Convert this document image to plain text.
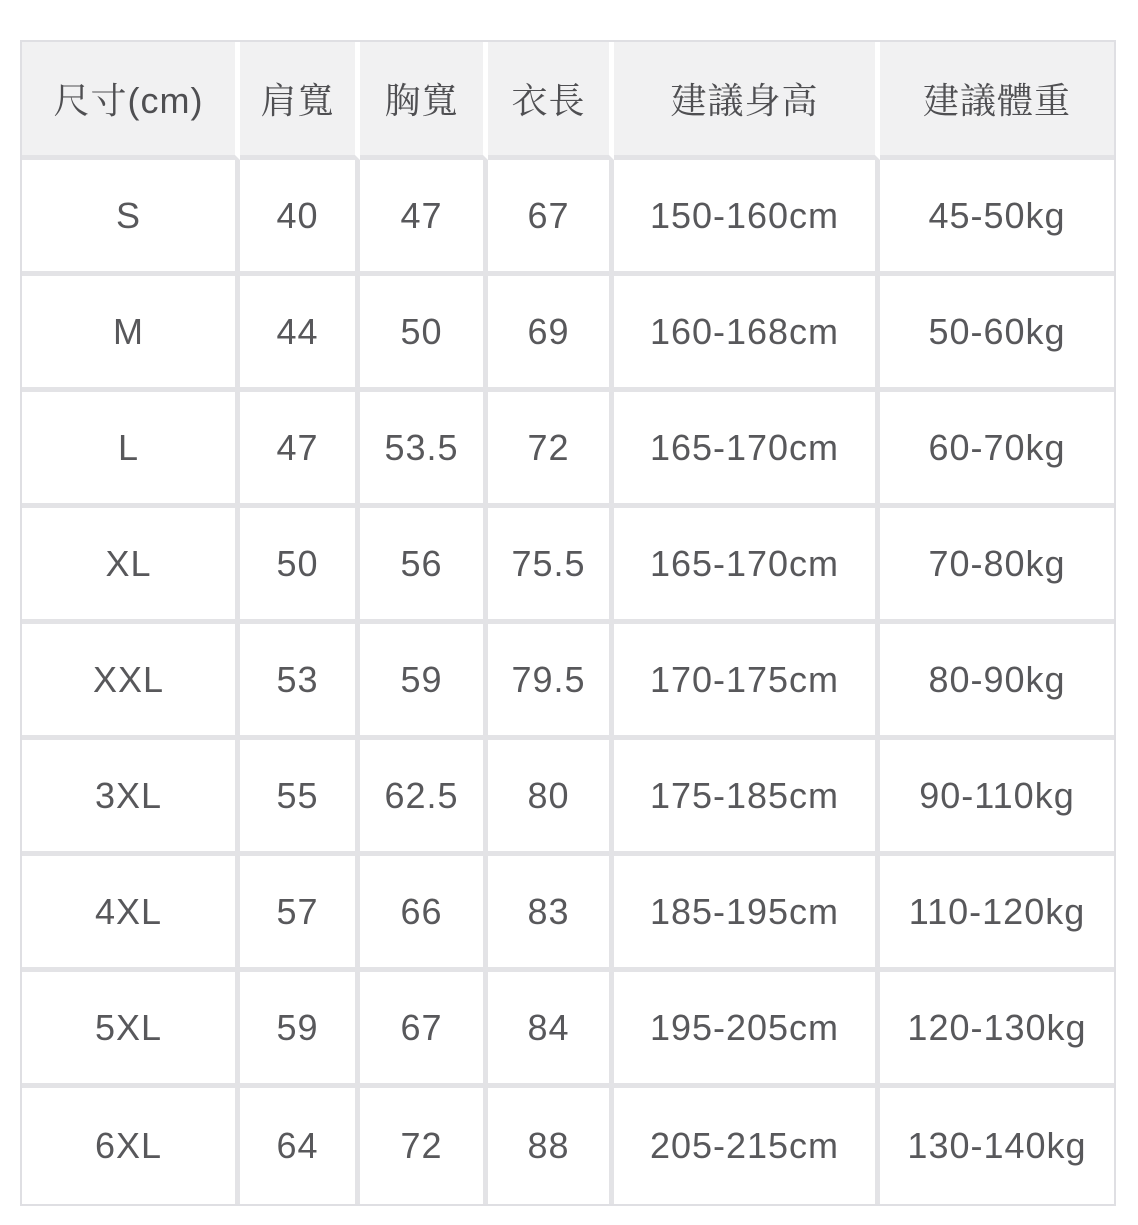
尺寸(cm)	肩寬	胸寬	衣長	建議身高	建議體重
S	40	47	67	150-160cm	45-50kg
M	44	50	69	160-168cm	50-60kg
L	47	53.5	72	165-170cm	60-70kg
XL	50	56	75.5	165-170cm	70-80kg
XXL	53	59	79.5	170-175cm	80-90kg
3XL	55	62.5	80	175-185cm	90-110kg
4XL	57	66	83	185-195cm	110-120kg
5XL	59	67	84	195-205cm	120-130kg
6XL	64	72	88	205-215cm	130-140kg
